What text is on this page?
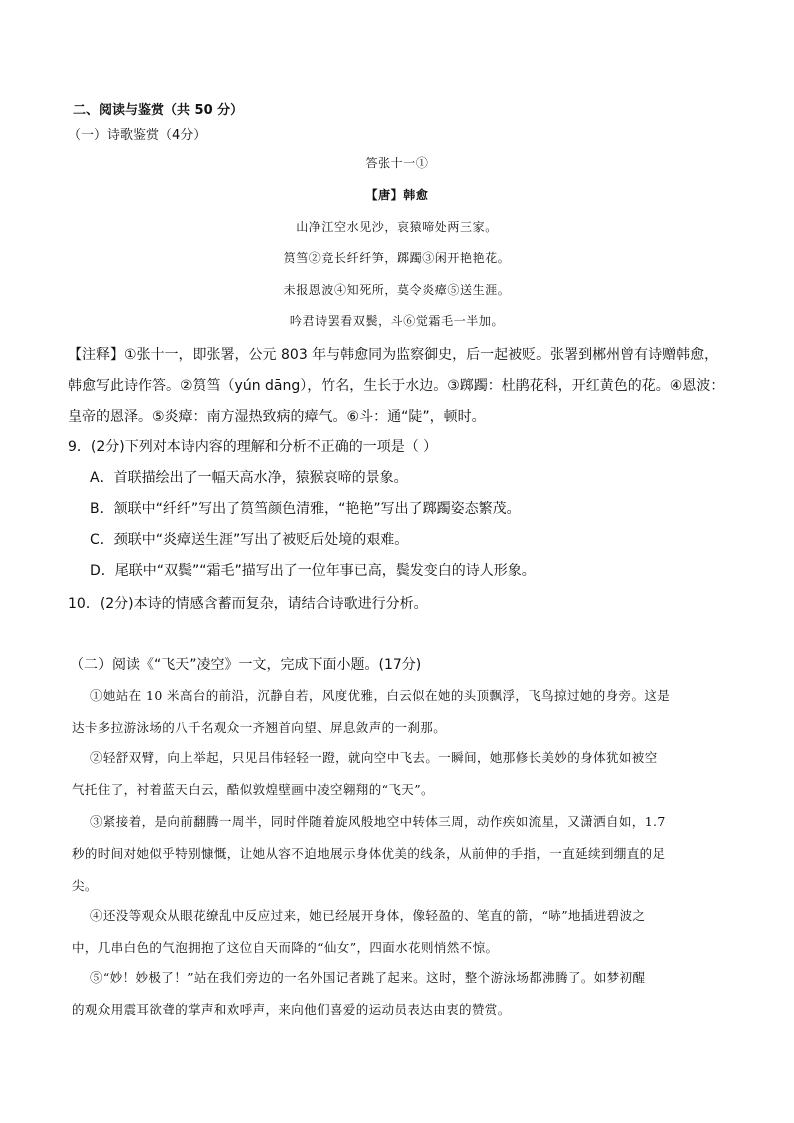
二、阅读与鉴赏（共 50 分）
（一）诗歌鉴赏（4分）
答张十一①
【唐】韩愈
山净江空水见沙，哀猿啼处两三家。
筼筜②竞长纤纤笋，踯躅③闲开艳艳花。
未报恩波④知死所，莫令炎瘴⑤送生涯。
吟君诗罢看双鬓，斗⑥觉霜毛一半加。
【注释】①张十一，即张署，公元 803 年与韩愈同为监察御史，后一起被贬。张署到郴州曾有诗赠韩愈，
韩愈写此诗作答。②筼筜（yún dāng），竹名，生长于水边。③踯躅：杜鹃花科，开红黄色的花。④恩波：
皇帝的恩泽。⑤炎瘴：南方湿热致病的瘴气。⑥斗：通“陡”，顿时。
9．(2分)下列对本诗内容的理解和分析不正确的一项是（ ）
A．首联描绘出了一幅天高水净，猿猴哀啼的景象。
B．颔联中“纤纤”写出了筼筜颜色清雅，“艳艳”写出了踯躅姿态繁茂。
C．颈联中“炎瘴送生涯”写出了被贬后处境的艰难。
D．尾联中“双鬓”“霜毛”描写出了一位年事已高，鬓发变白的诗人形象。
10．(2分)本诗的情感含蓄而复杂，请结合诗歌进行分析。
（二）阅读《“飞天”凌空》一文，完成下面小题。(17分)
①她站在 10 米高台的前沿，沉静自若，风度优雅，白云似在她的头顶飘浮，飞鸟掠过她的身旁。这是
达卡多拉游泳场的八千名观众一齐翘首向望、屏息敛声的一刹那。
②轻舒双臂，向上举起，只见吕伟轻轻一蹬，就向空中飞去。一瞬间，她那修长美妙的身体犹如被空
气托住了，衬着蓝天白云，酷似敦煌壁画中凌空翱翔的“飞天”。
③紧接着，是向前翻腾一周半，同时伴随着旋风般地空中转体三周，动作疾如流星，又潇洒自如，1.7
秒的时间对她似乎特别慷慨，让她从容不迫地展示身体优美的线条，从前伸的手指，一直延续到绷直的足
尖。
④还没等观众从眼花缭乱中反应过来，她已经展开身体，像轻盈的、笔直的箭，“哧”地插进碧波之
中，几串白色的气泡拥抱了这位自天而降的“仙女”，四面水花则悄然不惊。
⑤“妙！妙极了！”站在我们旁边的一名外国记者跳了起来。这时，整个游泳场都沸腾了。如梦初醒
的观众用震耳欲聋的掌声和欢呼声，来向他们喜爱的运动员表达由衷的赞赏。
